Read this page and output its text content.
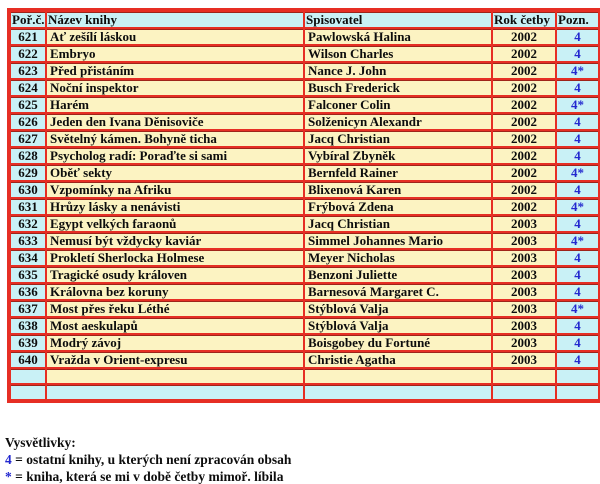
Poř.č.	Název knihy	Spisovatel	Rok četby	Pozn.
621	Ať zešílí láskou	Pawlowská Halina	2002	4
622	Embryo	Wilson Charles	2002	4
623	Před přistáním	Nance J. John	2002	4*
624	Noční inspektor	Busch Frederick	2002	4
625	Harém	Falconer Colin	2002	4*
626	Jeden den Ivana Děnisoviče	Solženicyn Alexandr	2002	4
627	Světelný kámen. Bohyně ticha	Jacq Christian	2002	4
628	Psycholog radí: Poraďte si sami	Vybíral Zbyněk	2002	4
629	Oběť sekty	Bernfeld Rainer	2002	4*
630	Vzpomínky na Afriku	Blixenová Karen	2002	4
631	Hrůzy lásky a nenávisti	Frýbová Zdena	2002	4*
632	Egypt velkých faraonů	Jacq Christian	2003	4
633	Nemusí být vždycky kaviár	Simmel Johannes Mario	2003	4*
634	Prokletí Sherlocka Holmese	Meyer Nicholas	2003	4
635	Tragické osudy královen	Benzoni Juliette	2003	4
636	Královna bez koruny	Barnesová Margaret C.	2003	4
637	Most přes řeku Léthé	Stýblová Valja	2003	4*
638	Most aeskulapů	Stýblová Valja	2003	4
639	Modrý závoj	Boisgobey du Fortuné	2003	4
640	Vražda v Orient-expresu	Christie Agatha	2003	4

Vysvětlivky:
4 = ostatní knihy, u kterých není zpracován obsah
* = kniha, která se mi v době četby mimoř. líbila
